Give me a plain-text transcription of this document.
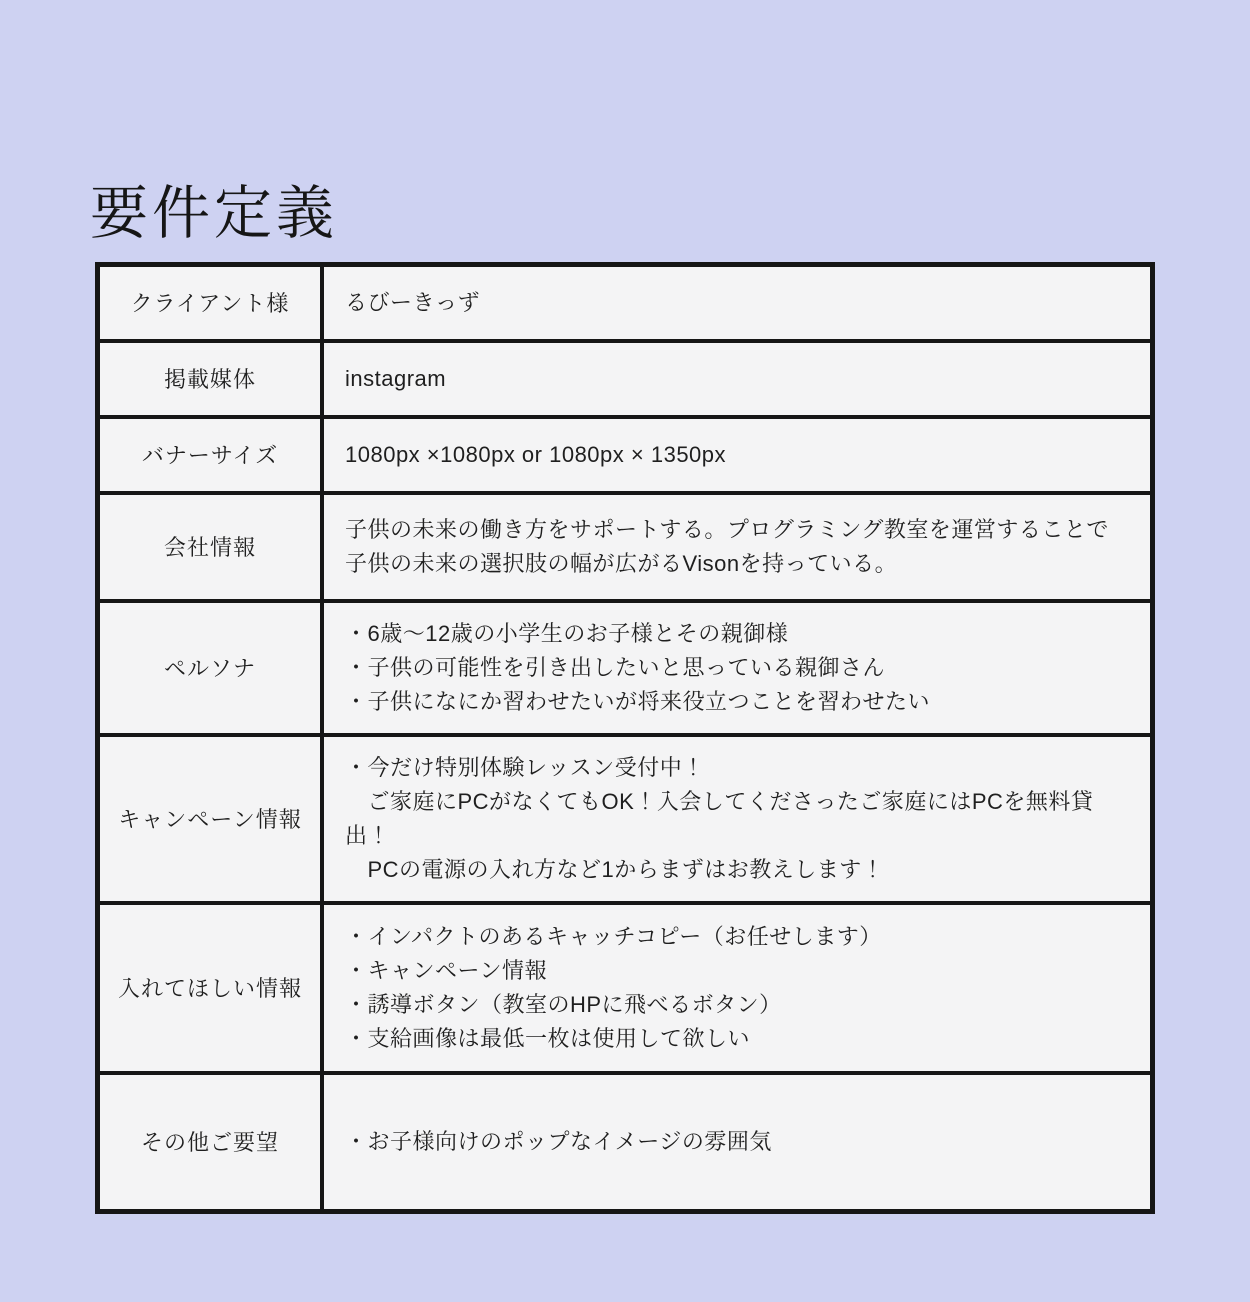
要件定義
クライアント様	るびーきっず

掲載媒体	instagram

バナーサイズ	1080px ×1080px or 1080px × 1350px

会社情報	子供の未来の働き方をサポートする。プログラミング教室を運営することで子供の未来の選択肢の幅が広がるVisonを持っている。

ペルソナ	・6歳〜12歳の小学生のお子様とその親御様
・子供の可能性を引き出したいと思っている親御さん
・子供になにか習わせたいが将来役立つことを習わせたい

キャンペーン情報	・今だけ特別体験レッスン受付中！
　ご家庭にPCがなくてもOK！入会してくださったご家庭にはPCを無料貸出！
　PCの電源の入れ方など1からまずはお教えします！

入れてほしい情報	・インパクトのあるキャッチコピー（お任せします）
・キャンペーン情報
・誘導ボタン（教室のHPに飛べるボタン）
・支給画像は最低一枚は使用して欲しい

その他ご要望	・お子様向けのポップなイメージの雰囲気
